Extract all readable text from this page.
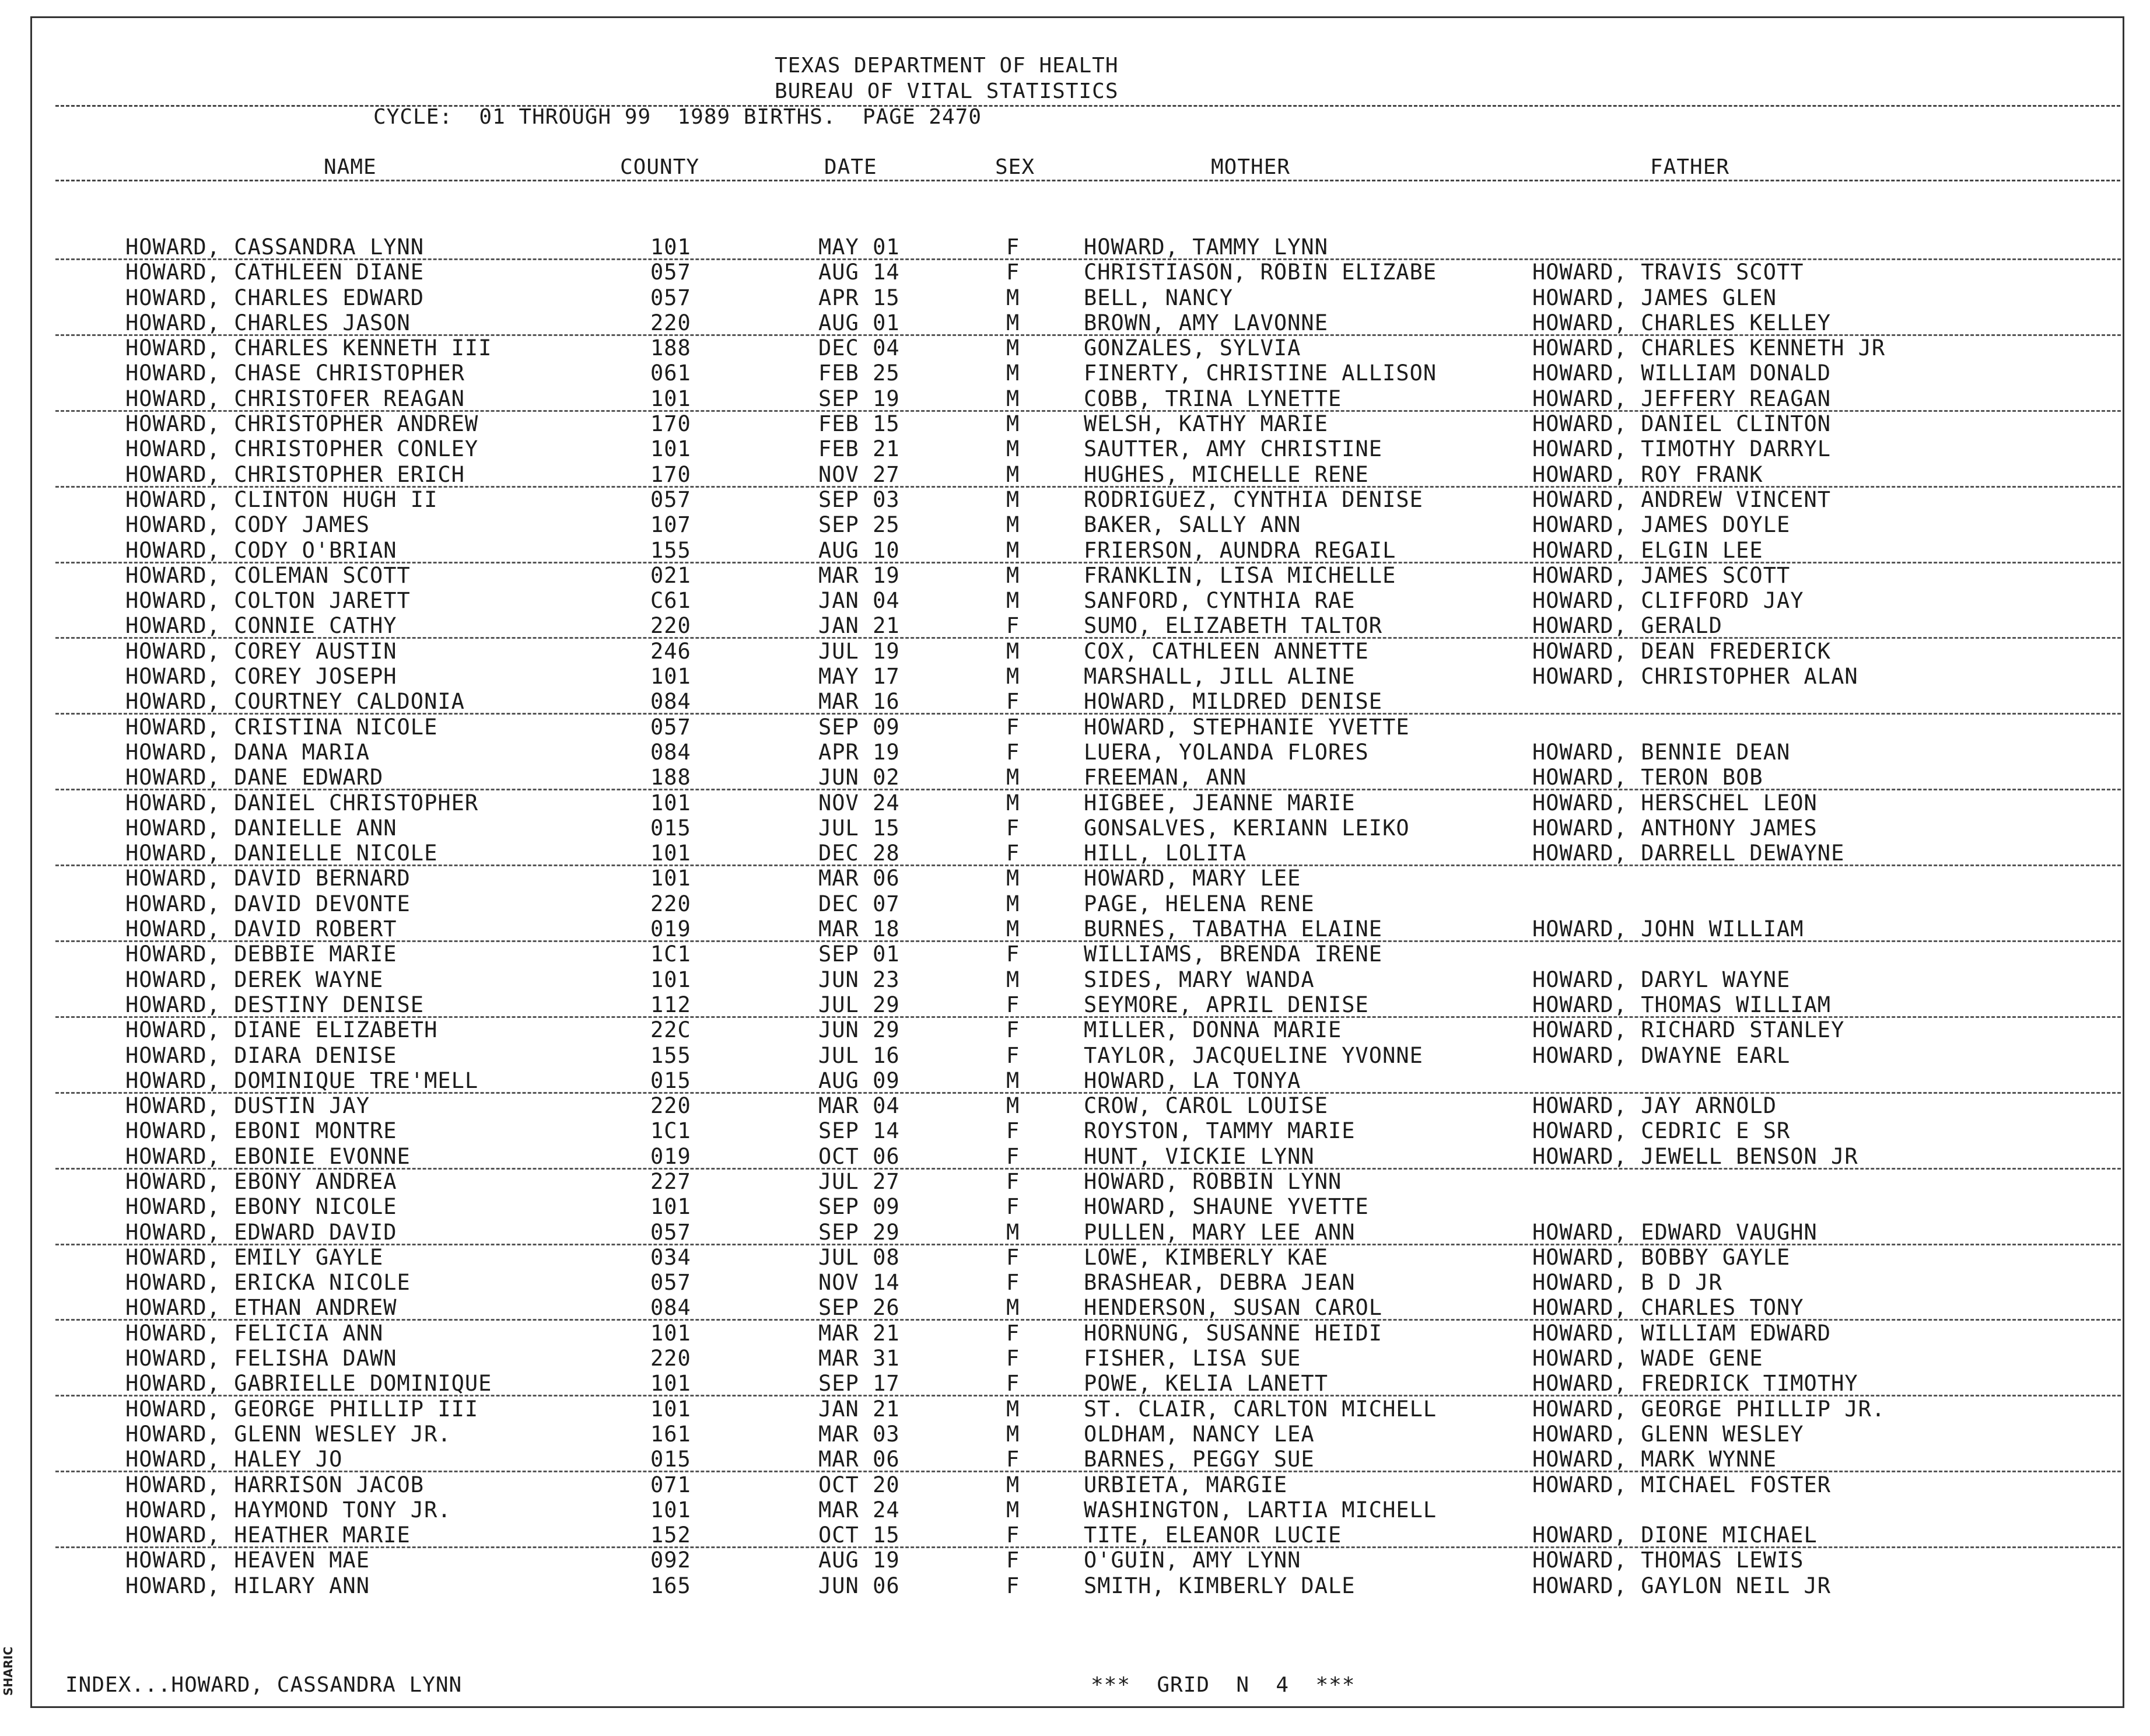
SHARIC
TEXAS DEPARTMENT OF HEALTH
BUREAU OF VITAL STATISTICS
CYCLE:  01 THROUGH 99  1989 BIRTHS.  PAGE 2470
NAME	COUNTY	DATE	SEX	MOTHER	FATHER
HOWARD, CASSANDRA LYNN	101	MAY 01	F	HOWARD, TAMMY LYNN
HOWARD, CATHLEEN DIANE	057	AUG 14	F	CHRISTIASON, ROBIN ELIZABE	HOWARD, TRAVIS SCOTT
HOWARD, CHARLES EDWARD	057	APR 15	M	BELL, NANCY	HOWARD, JAMES GLEN
HOWARD, CHARLES JASON	220	AUG 01	M	BROWN, AMY LAVONNE	HOWARD, CHARLES KELLEY
HOWARD, CHARLES KENNETH III	188	DEC 04	M	GONZALES, SYLVIA	HOWARD, CHARLES KENNETH JR
HOWARD, CHASE CHRISTOPHER	061	FEB 25	M	FINERTY, CHRISTINE ALLISON	HOWARD, WILLIAM DONALD
HOWARD, CHRISTOFER REAGAN	101	SEP 19	M	COBB, TRINA LYNETTE	HOWARD, JEFFERY REAGAN
HOWARD, CHRISTOPHER ANDREW	170	FEB 15	M	WELSH, KATHY MARIE	HOWARD, DANIEL CLINTON
HOWARD, CHRISTOPHER CONLEY	101	FEB 21	M	SAUTTER, AMY CHRISTINE	HOWARD, TIMOTHY DARRYL
HOWARD, CHRISTOPHER ERICH	170	NOV 27	M	HUGHES, MICHELLE RENE	HOWARD, ROY FRANK
HOWARD, CLINTON HUGH II	057	SEP 03	M	RODRIGUEZ, CYNTHIA DENISE	HOWARD, ANDREW VINCENT
HOWARD, CODY JAMES	107	SEP 25	M	BAKER, SALLY ANN	HOWARD, JAMES DOYLE
HOWARD, CODY O'BRIAN	155	AUG 10	M	FRIERSON, AUNDRA REGAIL	HOWARD, ELGIN LEE
HOWARD, COLEMAN SCOTT	021	MAR 19	M	FRANKLIN, LISA MICHELLE	HOWARD, JAMES SCOTT
HOWARD, COLTON JARETT	C61	JAN 04	M	SANFORD, CYNTHIA RAE	HOWARD, CLIFFORD JAY
HOWARD, CONNIE CATHY	220	JAN 21	F	SUMO, ELIZABETH TALTOR	HOWARD, GERALD
HOWARD, COREY AUSTIN	246	JUL 19	M	COX, CATHLEEN ANNETTE	HOWARD, DEAN FREDERICK
HOWARD, COREY JOSEPH	101	MAY 17	M	MARSHALL, JILL ALINE	HOWARD, CHRISTOPHER ALAN
HOWARD, COURTNEY CALDONIA	084	MAR 16	F	HOWARD, MILDRED DENISE
HOWARD, CRISTINA NICOLE	057	SEP 09	F	HOWARD, STEPHANIE YVETTE
HOWARD, DANA MARIA	084	APR 19	F	LUERA, YOLANDA FLORES	HOWARD, BENNIE DEAN
HOWARD, DANE EDWARD	188	JUN 02	M	FREEMAN, ANN	HOWARD, TERON BOB
HOWARD, DANIEL CHRISTOPHER	101	NOV 24	M	HIGBEE, JEANNE MARIE	HOWARD, HERSCHEL LEON
HOWARD, DANIELLE ANN	015	JUL 15	F	GONSALVES, KERIANN LEIKO	HOWARD, ANTHONY JAMES
HOWARD, DANIELLE NICOLE	101	DEC 28	F	HILL, LOLITA	HOWARD, DARRELL DEWAYNE
HOWARD, DAVID BERNARD	101	MAR 06	M	HOWARD, MARY LEE
HOWARD, DAVID DEVONTE	220	DEC 07	M	PAGE, HELENA RENE
HOWARD, DAVID ROBERT	019	MAR 18	M	BURNES, TABATHA ELAINE	HOWARD, JOHN WILLIAM
HOWARD, DEBBIE MARIE	1C1	SEP 01	F	WILLIAMS, BRENDA IRENE
HOWARD, DEREK WAYNE	101	JUN 23	M	SIDES, MARY WANDA	HOWARD, DARYL WAYNE
HOWARD, DESTINY DENISE	112	JUL 29	F	SEYMORE, APRIL DENISE	HOWARD, THOMAS WILLIAM
HOWARD, DIANE ELIZABETH	22C	JUN 29	F	MILLER, DONNA MARIE	HOWARD, RICHARD STANLEY
HOWARD, DIARA DENISE	155	JUL 16	F	TAYLOR, JACQUELINE YVONNE	HOWARD, DWAYNE EARL
HOWARD, DOMINIQUE TRE'MELL	015	AUG 09	M	HOWARD, LA TONYA
HOWARD, DUSTIN JAY	220	MAR 04	M	CROW, CAROL LOUISE	HOWARD, JAY ARNOLD
HOWARD, EBONI MONTRE	1C1	SEP 14	F	ROYSTON, TAMMY MARIE	HOWARD, CEDRIC E SR
HOWARD, EBONIE EVONNE	019	OCT 06	F	HUNT, VICKIE LYNN	HOWARD, JEWELL BENSON JR
HOWARD, EBONY ANDREA	227	JUL 27	F	HOWARD, ROBBIN LYNN
HOWARD, EBONY NICOLE	101	SEP 09	F	HOWARD, SHAUNE YVETTE
HOWARD, EDWARD DAVID	057	SEP 29	M	PULLEN, MARY LEE ANN	HOWARD, EDWARD VAUGHN
HOWARD, EMILY GAYLE	034	JUL 08	F	LOWE, KIMBERLY KAE	HOWARD, BOBBY GAYLE
HOWARD, ERICKA NICOLE	057	NOV 14	F	BRASHEAR, DEBRA JEAN	HOWARD, B D JR
HOWARD, ETHAN ANDREW	084	SEP 26	M	HENDERSON, SUSAN CAROL	HOWARD, CHARLES TONY
HOWARD, FELICIA ANN	101	MAR 21	F	HORNUNG, SUSANNE HEIDI	HOWARD, WILLIAM EDWARD
HOWARD, FELISHA DAWN	220	MAR 31	F	FISHER, LISA SUE	HOWARD, WADE GENE
HOWARD, GABRIELLE DOMINIQUE	101	SEP 17	F	POWE, KELIA LANETT	HOWARD, FREDRICK TIMOTHY
HOWARD, GEORGE PHILLIP III	101	JAN 21	M	ST. CLAIR, CARLTON MICHELL	HOWARD, GEORGE PHILLIP JR.
HOWARD, GLENN WESLEY JR.	161	MAR 03	M	OLDHAM, NANCY LEA	HOWARD, GLENN WESLEY
HOWARD, HALEY JO	015	MAR 06	F	BARNES, PEGGY SUE	HOWARD, MARK WYNNE
HOWARD, HARRISON JACOB	071	OCT 20	M	URBIETA, MARGIE	HOWARD, MICHAEL FOSTER
HOWARD, HAYMOND TONY JR.	101	MAR 24	M	WASHINGTON, LARTIA MICHELL
HOWARD, HEATHER MARIE	152	OCT 15	F	TITE, ELEANOR LUCIE	HOWARD, DIONE MICHAEL
HOWARD, HEAVEN MAE	092	AUG 19	F	O'GUIN, AMY LYNN	HOWARD, THOMAS LEWIS
HOWARD, HILARY ANN	165	JUN 06	F	SMITH, KIMBERLY DALE	HOWARD, GAYLON NEIL JR
INDEX...HOWARD, CASSANDRA LYNN	***  GRID  N  4  ***
